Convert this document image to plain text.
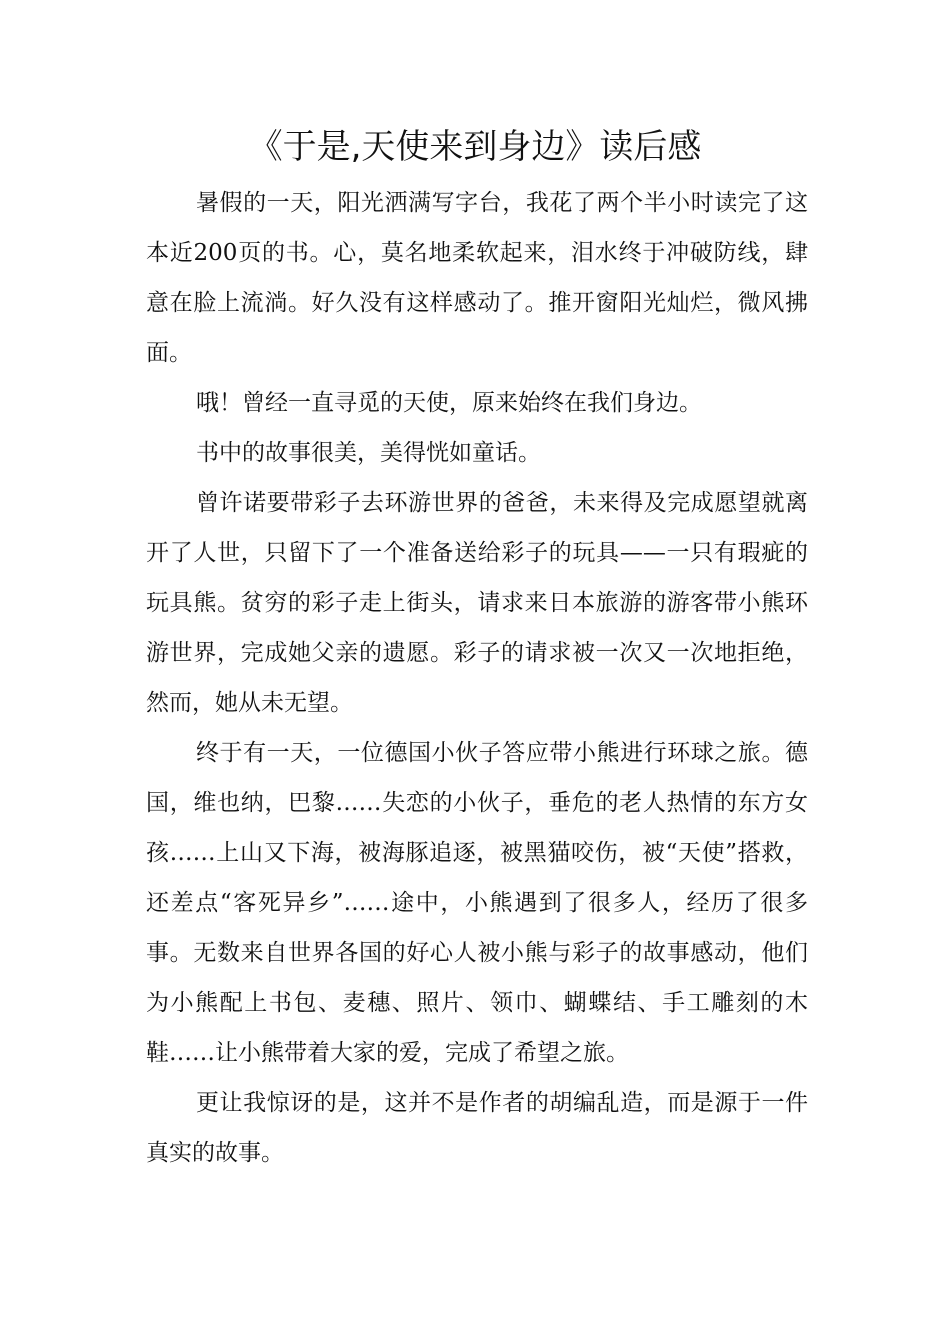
《于是,天使来到身边》读后感

暑假的一天，阳光洒满写字台，我花了两个半小时读完了这本近200页的书。心，莫名地柔软起来，泪水终于冲破防线，肆意在脸上流淌。好久没有这样感动了。推开窗阳光灿烂，微风拂面。

哦！曾经一直寻觅的天使，原来始终在我们身边。

书中的故事很美，美得恍如童话。

曾许诺要带彩子去环游世界的爸爸，未来得及完成愿望就离开了人世，只留下了一个准备送给彩子的玩具——一只有瑕疵的玩具熊。贫穷的彩子走上街头，请求来日本旅游的游客带小熊环游世界，完成她父亲的遗愿。彩子的请求被一次又一次地拒绝，然而，她从未无望。

终于有一天，一位德国小伙子答应带小熊进行环球之旅。德国，维也纳，巴黎……失恋的小伙子，垂危的老人热情的东方女孩……上山又下海，被海豚追逐，被黑猫咬伤，被“天使”搭救，还差点“客死异乡”……途中，小熊遇到了很多人，经历了很多事。无数来自世界各国的好心人被小熊与彩子的故事感动，他们为小熊配上书包、麦穗、照片、领巾、蝴蝶结、手工雕刻的木鞋……让小熊带着大家的爱，完成了希望之旅。

更让我惊讶的是，这并不是作者的胡编乱造，而是源于一件真实的故事。
